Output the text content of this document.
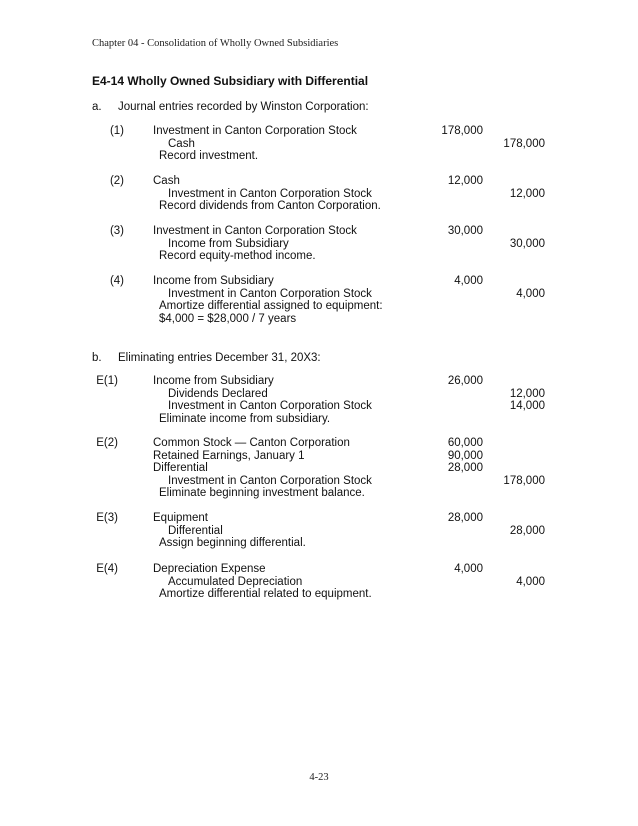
Chapter 04 - Consolidation of Wholly Owned Subsidiaries
E4-14 Wholly Owned Subsidiary with Differential
a. Journal entries recorded by Winston Corporation:
(1)	Investment in Canton Corporation Stock	178,000
Cash	178,000
Record investment.
(2)	Cash	12,000
Investment in Canton Corporation Stock	12,000
Record dividends from Canton Corporation.
(3)	Investment in Canton Corporation Stock	30,000
Income from Subsidiary	30,000
Record equity-method income.
(4)	Income from Subsidiary	4,000
Investment in Canton Corporation Stock	4,000
Amortize differential assigned to equipment:
$4,000 = $28,000 / 7 years
b. Eliminating entries December 31, 20X3:
E(1)	Income from Subsidiary	26,000
Dividends Declared	12,000
Investment in Canton Corporation Stock	14,000
Eliminate income from subsidiary.
E(2)	Common Stock — Canton Corporation	60,000
Retained Earnings, January 1	90,000
Differential	28,000
Investment in Canton Corporation Stock	178,000
Eliminate beginning investment balance.
E(3)	Equipment	28,000
Differential	28,000
Assign beginning differential.
E(4)	Depreciation Expense	4,000
Accumulated Depreciation	4,000
Amortize differential related to equipment.
4-23
